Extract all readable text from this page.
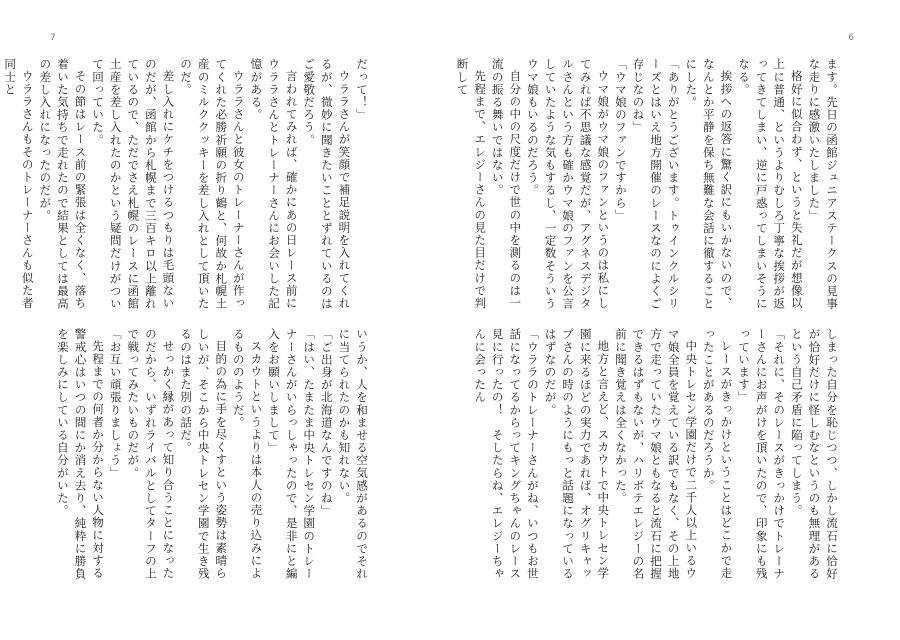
7	6

ます。先日の函館ジュニアステークスの見事な走りに感激いたしました」

格好に似合わず、というと失礼だが想像以上に普通、というよりむしろ丁寧な挨拶が返ってきてしまい、逆に戸惑ってしまいそうになる。

挨拶への返答に驚く訳にもいかないので、なんとか平静を保ち無難な会話に徹することにした。

「ありがとうございます。トゥインクルシリーズとはいえ地方開催のレースなのによくご存じなのね」

「ウマ娘のファンですから」

ウマ娘がウマ娘のファンというのは私にしてみれば不思議な感覚だが、アグネスデジタルさんという方も確かウマ娘のファンを公言していたような気もするし、一定数そういうウマ娘もいるのだろう。

自分の中の尺度だけで世の中を測るのは一流の振る舞いではない。

先程まで、エレジーさんの見た目だけで判断して

しまった自分を恥じつつ、しかし流石に恰好が恰好だけに怪しむなというのも無理があるという自己矛盾に陥ってしまう。

「それに、そのレースがきっかけでトレーナーさんにお声がけを頂いたので、印象にも残っています」

レースがきっかけということはどこかで走ったことがあるのだろうか。

中央トレセン学園だけで二千人以上いるウマ娘全員を覚えている訳でもなく、その上地方で走っていたウマ娘ともなると流石に把握できるはずもないが、ハリボテエレジーの名前に聞き覚えは全くなかった。

地方と言えど、スカウトで中央トレセン学園に来るほどの実力であれば、オグリキャップさんの時のようにもっと話題になっているはずなのだが。

「ウララのトレーナーさんがね、いつもお世話になってるからってキングちゃんのレース見に行ったの！　そしたらね、エレジーちゃんに会ったん

だって！」

ウララさんが笑顔で補足説明を入れてくれるが、微妙に聞きたいこととずれているのはご愛敬だろう。

言われてみれば、確かにあの日レース前にウララさんとトレーナーさんにお会いした記憶がある。

ウララさんと彼女のトレーナーさんが作ってくれた必勝祈願の折り鶴と、何故か札幌土産のミルククッキーを差し入れとして頂いたのだ。

差し入れにケチをつけるつもりは毛頭ないのだが、函館から札幌まで三百キロ以上離れているので、ただでさえ札幌のレースに函館土産を差し入れたのかという疑問だけがついて回っていた。

その節はレース前の緊張は全くなく、落ち着いた気持ちで走れたので結果としては最高の差し入れになったのだが。

ウララさんもそのトレーナーさんも似た者同士と

いうか、人を和ませる空気感があるのでそれに当てられたのかも知れない。

「ご出身が北海道なんですのね」

「はい、たまたま中央トレセン学園のトレーナーさんがいらっしゃったので、是非にと編入をお願いしまして」

スカウトというよりは本人の売り込みによるもののようだ。

目的の為に手を尽くすという姿勢は素晴らしいが、そこから中央トレセン学園で生き残るのはまた別の話だ。

せっかく縁があって知り合うことになったのだから、いずれライバルとしてターフの上で戦ってみたいものだが。

「お互い頑張りましょう」

先程までの何者か分からない人物に対する警戒心はいつの間にか消え去り、純粋に勝負を楽しみにしている自分がいた。
